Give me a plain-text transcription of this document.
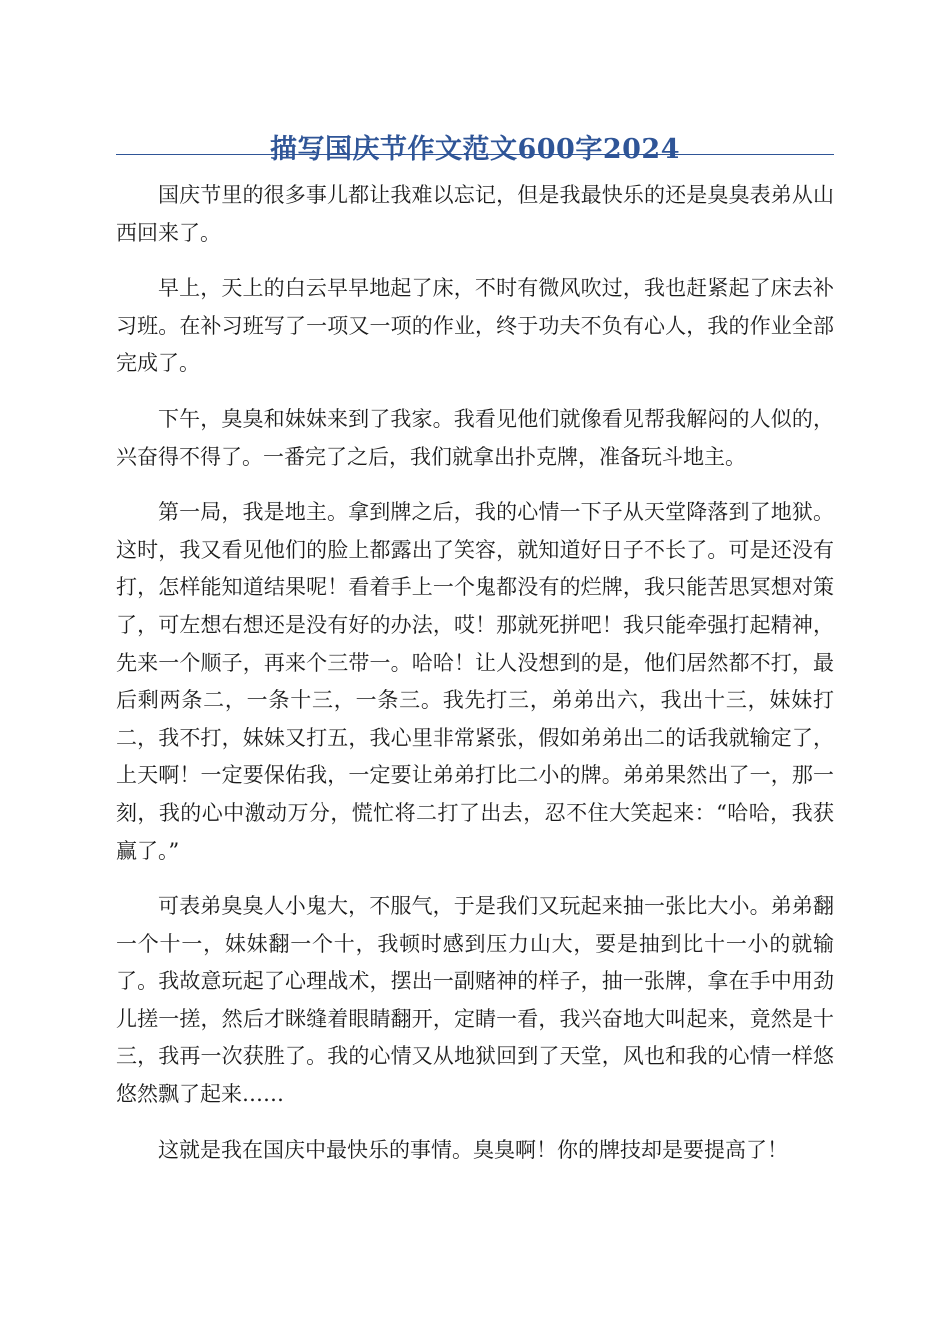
描写国庆节作文范文600字2024

国庆节里的很多事儿都让我难以忘记，但是我最快乐的还是臭臭表弟从山西回来了。

早上，天上的白云早早地起了床，不时有微风吹过，我也赶紧起了床去补习班。在补习班写了一项又一项的作业，终于功夫不负有心人，我的作业全部完成了。

下午，臭臭和妹妹来到了我家。我看见他们就像看见帮我解闷的人似的，兴奋得不得了。一番完了之后，我们就拿出扑克牌，准备玩斗地主。

第一局，我是地主。拿到牌之后，我的心情一下子从天堂降落到了地狱。这时，我又看见他们的脸上都露出了笑容，就知道好日子不长了。可是还没有打，怎样能知道结果呢！看着手上一个鬼都没有的烂牌，我只能苦思冥想对策了，可左想右想还是没有好的办法，哎！那就死拼吧！我只能牵强打起精神，先来一个顺子，再来个三带一。哈哈！让人没想到的是，他们居然都不打，最后剩两条二，一条十三，一条三。我先打三，弟弟出六，我出十三，妹妹打二，我不打，妹妹又打五，我心里非常紧张，假如弟弟出二的话我就输定了，上天啊！一定要保佑我，一定要让弟弟打比二小的牌。弟弟果然出了一，那一刻，我的心中激动万分，慌忙将二打了出去，忍不住大笑起来：“哈哈，我获赢了。”

可表弟臭臭人小鬼大，不服气，于是我们又玩起来抽一张比大小。弟弟翻一个十一，妹妹翻一个十，我顿时感到压力山大，要是抽到比十一小的就输了。我故意玩起了心理战术，摆出一副赌神的样子，抽一张牌，拿在手中用劲儿搓一搓，然后才眯缝着眼睛翻开，定睛一看，我兴奋地大叫起来，竟然是十三，我再一次获胜了。我的心情又从地狱回到了天堂，风也和我的心情一样悠悠然飘了起来……

这就是我在国庆中最快乐的事情。臭臭啊！你的牌技却是要提高了！
